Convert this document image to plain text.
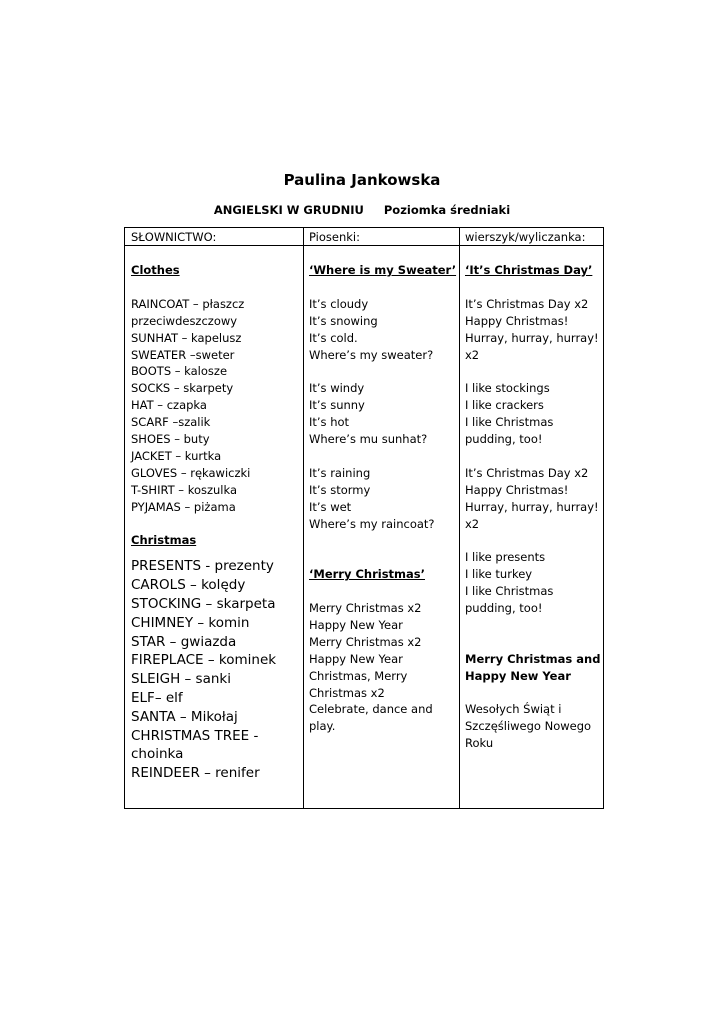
Paulina Jankowska
ANGIELSKI W GRUDNIU Poziomka średniaki
SŁOWNICTWO:	Piosenki:	wierszyk/wyliczanka:
Clothes
RAINCOAT – płaszcz
przeciwdeszczowy
SUNHAT – kapelusz
SWEATER –sweter
BOOTS – kalosze
SOCKS – skarpety
HAT – czapka
SCARF –szalik
SHOES – buty
JACKET – kurtka
GLOVES – rękawiczki
T-SHIRT – koszulka
PYJAMAS – piżama
Christmas
PRESENTS - prezenty
CAROLS – kolędy
STOCKING – skarpeta
CHIMNEY – komin
STAR – gwiazda
FIREPLACE – kominek
SLEIGH – sanki
ELF– elf
SANTA – Mikołaj
CHRISTMAS TREE -
choinka
REINDEER – renifer
‘Where is my Sweater’
It’s cloudy
It’s snowing
It’s cold.
Where’s my sweater?
It’s windy
It’s sunny
It’s hot
Where’s mu sunhat?
It’s raining
It’s stormy
It’s wet
Where’s my raincoat?
‘Merry Christmas’
Merry Christmas x2
Happy New Year
Merry Christmas x2
Happy New Year
Christmas, Merry
Christmas x2
Celebrate, dance and
play.
‘It’s Christmas Day’
It’s Christmas Day x2
Happy Christmas!
Hurray, hurray, hurray!
x2
I like stockings
I like crackers
I like Christmas
pudding, too!
It’s Christmas Day x2
Happy Christmas!
Hurray, hurray, hurray!
x2
I like presents
I like turkey
I like Christmas
pudding, too!
Merry Christmas and
Happy New Year
Wesołych Świąt i
Szczęśliwego Nowego
Roku
